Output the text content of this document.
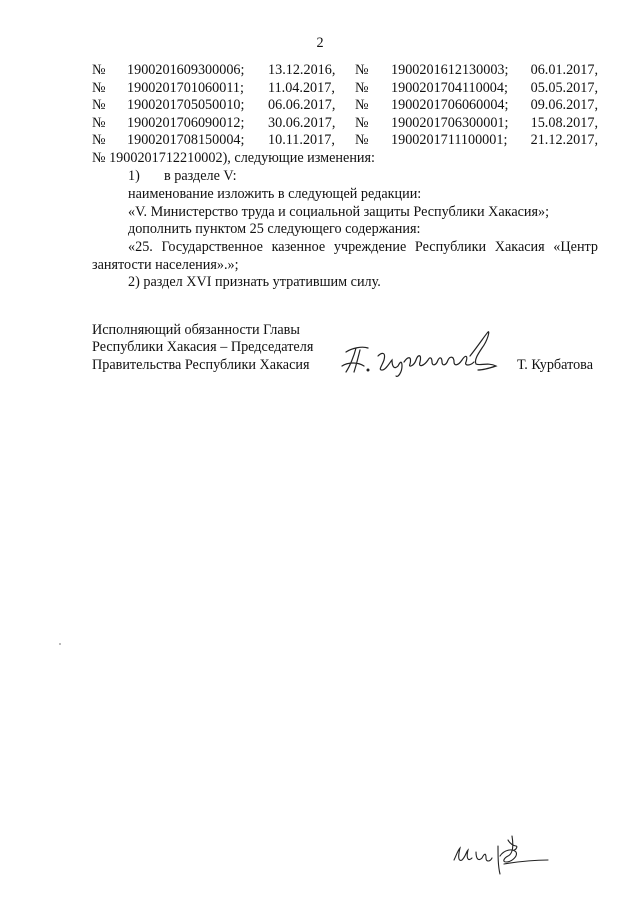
2
№ 1900201609300006; 13.12.2016, № 1900201612130003; 06.01.2017,
№ 1900201701060011; 11.04.2017, № 1900201704110004; 05.05.2017,
№ 1900201705050010; 06.06.2017, № 1900201706060004; 09.06.2017,
№ 1900201706090012; 30.06.2017, № 1900201706300001; 15.08.2017,
№ 1900201708150004; 10.11.2017, № 1900201711100001; 21.12.2017,
№ 1900201712210002), следующие изменения:
1) в разделе V:
наименование изложить в следующей редакции:
«V. Министерство труда и социальной защиты Республики Хакасия»;
дополнить пунктом 25 следующего содержания:
«25. Государственное казенное учреждение Республики Хакасия «Центр
занятости населения».»;
2) раздел XVI признать утратившим силу.
Исполняющий обязанности Главы
Республики Хакасия – Председателя
Правительства Республики Хакасия	Т. Курбатова
